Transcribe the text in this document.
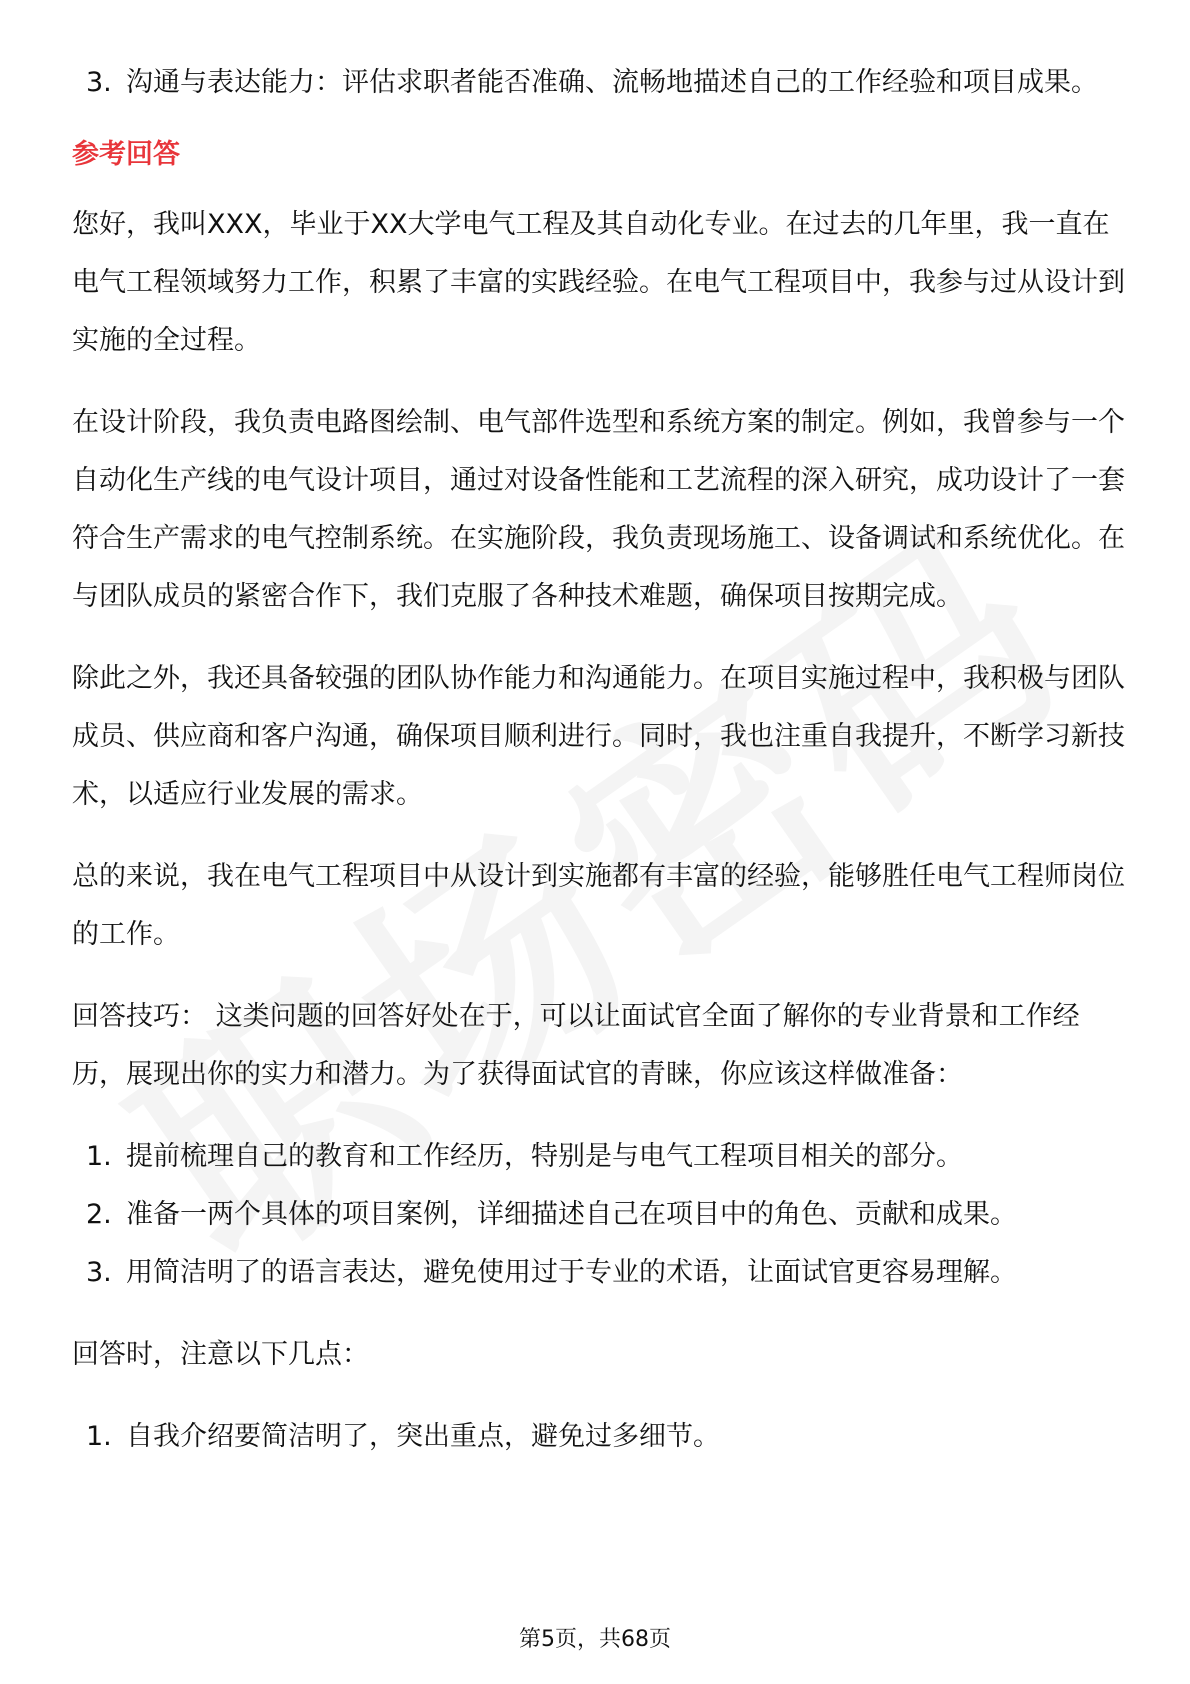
3. 沟通与表达能力：评估求职者能否准确、流畅地描述自己的工作经验和项目成果。

参考回答

您好，我叫XXX，毕业于XX大学电气工程及其自动化专业。在过去的几年里，我一直在电气工程领域努力工作，积累了丰富的实践经验。在电气工程项目中，我参与过从设计到实施的全过程。

在设计阶段，我负责电路图绘制、电气部件选型和系统方案的制定。例如，我曾参与一个自动化生产线的电气设计项目，通过对设备性能和工艺流程的深入研究，成功设计了一套符合生产需求的电气控制系统。在实施阶段，我负责现场施工、设备调试和系统优化。在与团队成员的紧密合作下，我们克服了各种技术难题，确保项目按期完成。

除此之外，我还具备较强的团队协作能力和沟通能力。在项目实施过程中，我积极与团队成员、供应商和客户沟通，确保项目顺利进行。同时，我也注重自我提升，不断学习新技术，以适应行业发展的需求。

总的来说，我在电气工程项目中从设计到实施都有丰富的经验，能够胜任电气工程师岗位的工作。

回答技巧： 这类问题的回答好处在于，可以让面试官全面了解你的专业背景和工作经历，展现出你的实力和潜力。为了获得面试官的青睐，你应该这样做准备：

1. 提前梳理自己的教育和工作经历，特别是与电气工程项目相关的部分。
2. 准备一两个具体的项目案例，详细描述自己在项目中的角色、贡献和成果。
3. 用简洁明了的语言表达，避免使用过于专业的术语，让面试官更容易理解。

回答时，注意以下几点：

1. 自我介绍要简洁明了，突出重点，避免过多细节。
第5页，共68页
